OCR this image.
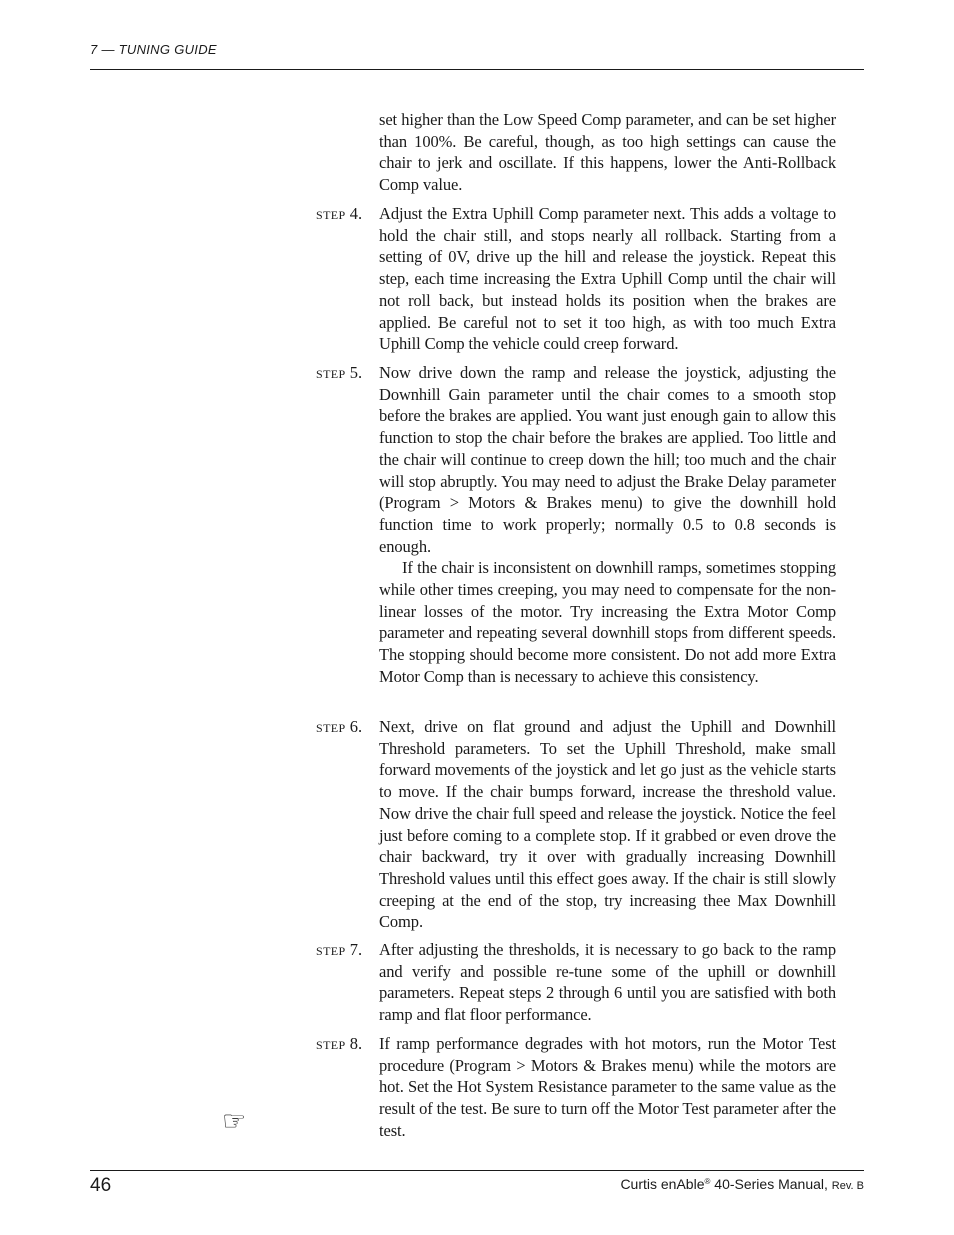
7 — TUNING GUIDE

set higher than the Low Speed Comp parameter, and can be set higher than 100%. Be careful, though, as too high settings can cause the chair to jerk and oscillate. If this happens, lower the Anti-Rollback Comp value.

STEP 4. Adjust the Extra Uphill Comp parameter next. This adds a voltage to hold the chair still, and stops nearly all rollback. Starting from a setting of 0V, drive up the hill and release the joystick. Repeat this step, each time increasing the Extra Uphill Comp until the chair will not roll back, but instead holds its position when the brakes are applied. Be careful not to set it too high, as with too much Extra Uphill Comp the vehicle could creep forward.

STEP 5. Now drive down the ramp and release the joystick, adjusting the Downhill Gain parameter until the chair comes to a smooth stop before the brakes are applied. You want just enough gain to allow this function to stop the chair before the brakes are applied. Too little and the chair will continue to creep down the hill; too much and the chair will stop abruptly. You may need to adjust the Brake Delay parameter (Program > Motors & Brakes menu) to give the downhill hold function time to work properly; normally 0.5 to 0.8 seconds is enough.

If the chair is inconsistent on downhill ramps, sometimes stopping while other times creeping, you may need to compensate for the non-linear losses of the motor. Try increasing the Extra Motor Comp parameter and repeating several downhill stops from different speeds. The stopping should become more consistent. Do not add more Extra Motor Comp than is necessary to achieve this consistency.

STEP 6. Next, drive on flat ground and adjust the Uphill and Downhill Threshold parameters. To set the Uphill Threshold, make small forward movements of the joystick and let go just as the vehicle starts to move. If the chair bumps forward, increase the threshold value. Now drive the chair full speed and release the joystick. Notice the feel just before coming to a complete stop. If it grabbed or even drove the chair backward, try it over with gradually increasing Downhill Threshold values until this effect goes away. If the chair is still slowly creeping at the end of the stop, try increasing thee Max Downhill Comp.

STEP 7. After adjusting the thresholds, it is necessary to go back to the ramp and verify and possible re-tune some of the uphill or downhill parameters. Repeat steps 2 through 6 until you are satisfied with both ramp and flat floor performance.

STEP 8. If ramp performance degrades with hot motors, run the Motor Test procedure (Program > Motors & Brakes menu) while the motors are hot. Set the Hot System Resistance parameter to the same value as the result of the test. Be sure to turn off the Motor Test parameter after the test.

☞
46	Curtis enAble® 40-Series Manual, Rev. B
